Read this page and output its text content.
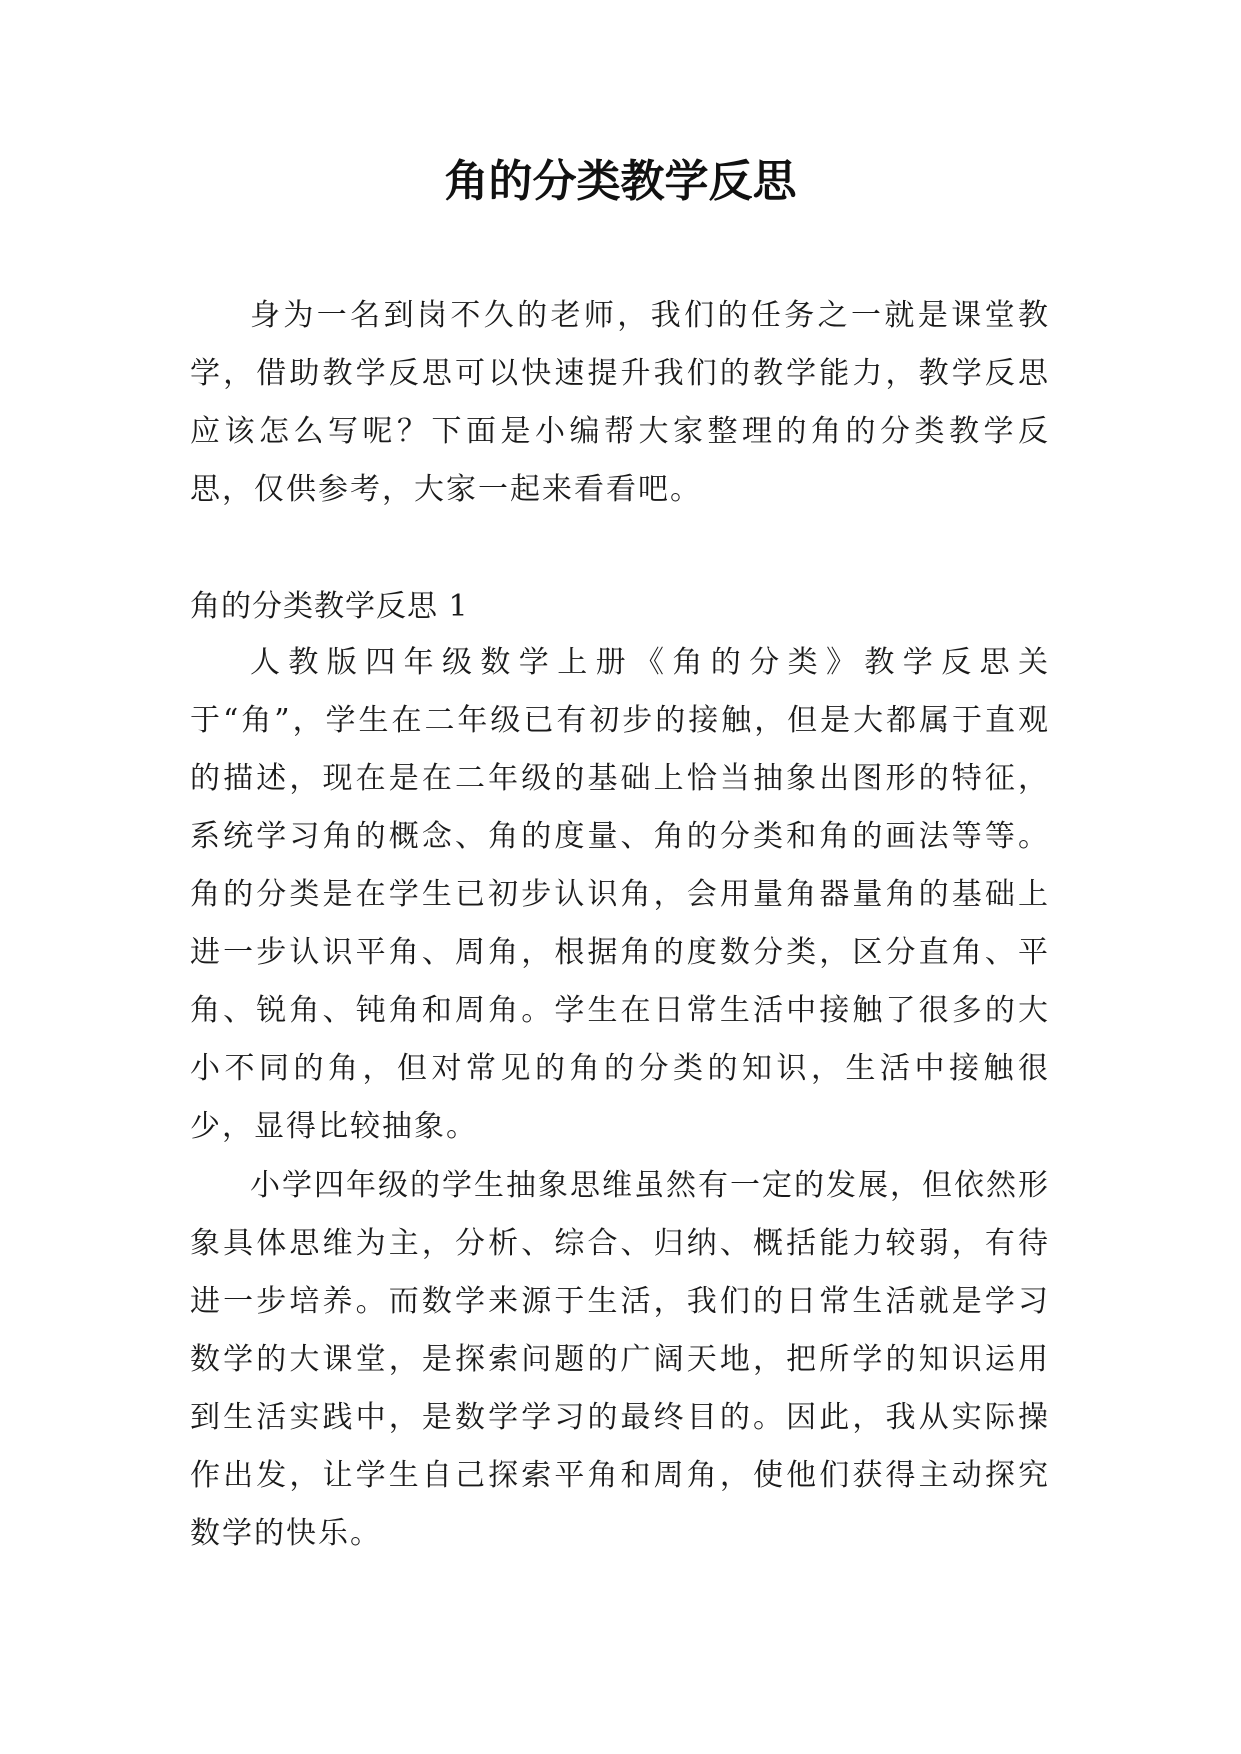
角的分类教学反思

身为一名到岗不久的老师，我们的任务之一就是课堂教学，借助教学反思可以快速提升我们的教学能力，教学反思应该怎么写呢？下面是小编帮大家整理的角的分类教学反思，仅供参考，大家一起来看看吧。

角的分类教学反思 1

人教版四年级数学上册《角的分类》教学反思关于“角”，学生在二年级已有初步的接触，但是大都属于直观的描述，现在是在二年级的基础上恰当抽象出图形的特征，系统学习角的概念、角的度量、角的分类和角的画法等等。角的分类是在学生已初步认识角，会用量角器量角的基础上进一步认识平角、周角，根据角的度数分类，区分直角、平角、锐角、钝角和周角。学生在日常生活中接触了很多的大小不同的角，但对常见的角的分类的知识，生活中接触很少，显得比较抽象。

小学四年级的学生抽象思维虽然有一定的发展，但依然形象具体思维为主，分析、综合、归纳、概括能力较弱，有待进一步培养。而数学来源于生活，我们的日常生活就是学习数学的大课堂，是探索问题的广阔天地，把所学的知识运用到生活实践中，是数学学习的最终目的。因此，我从实际操作出发，让学生自己探索平角和周角，使他们获得主动探究数学的快乐。
